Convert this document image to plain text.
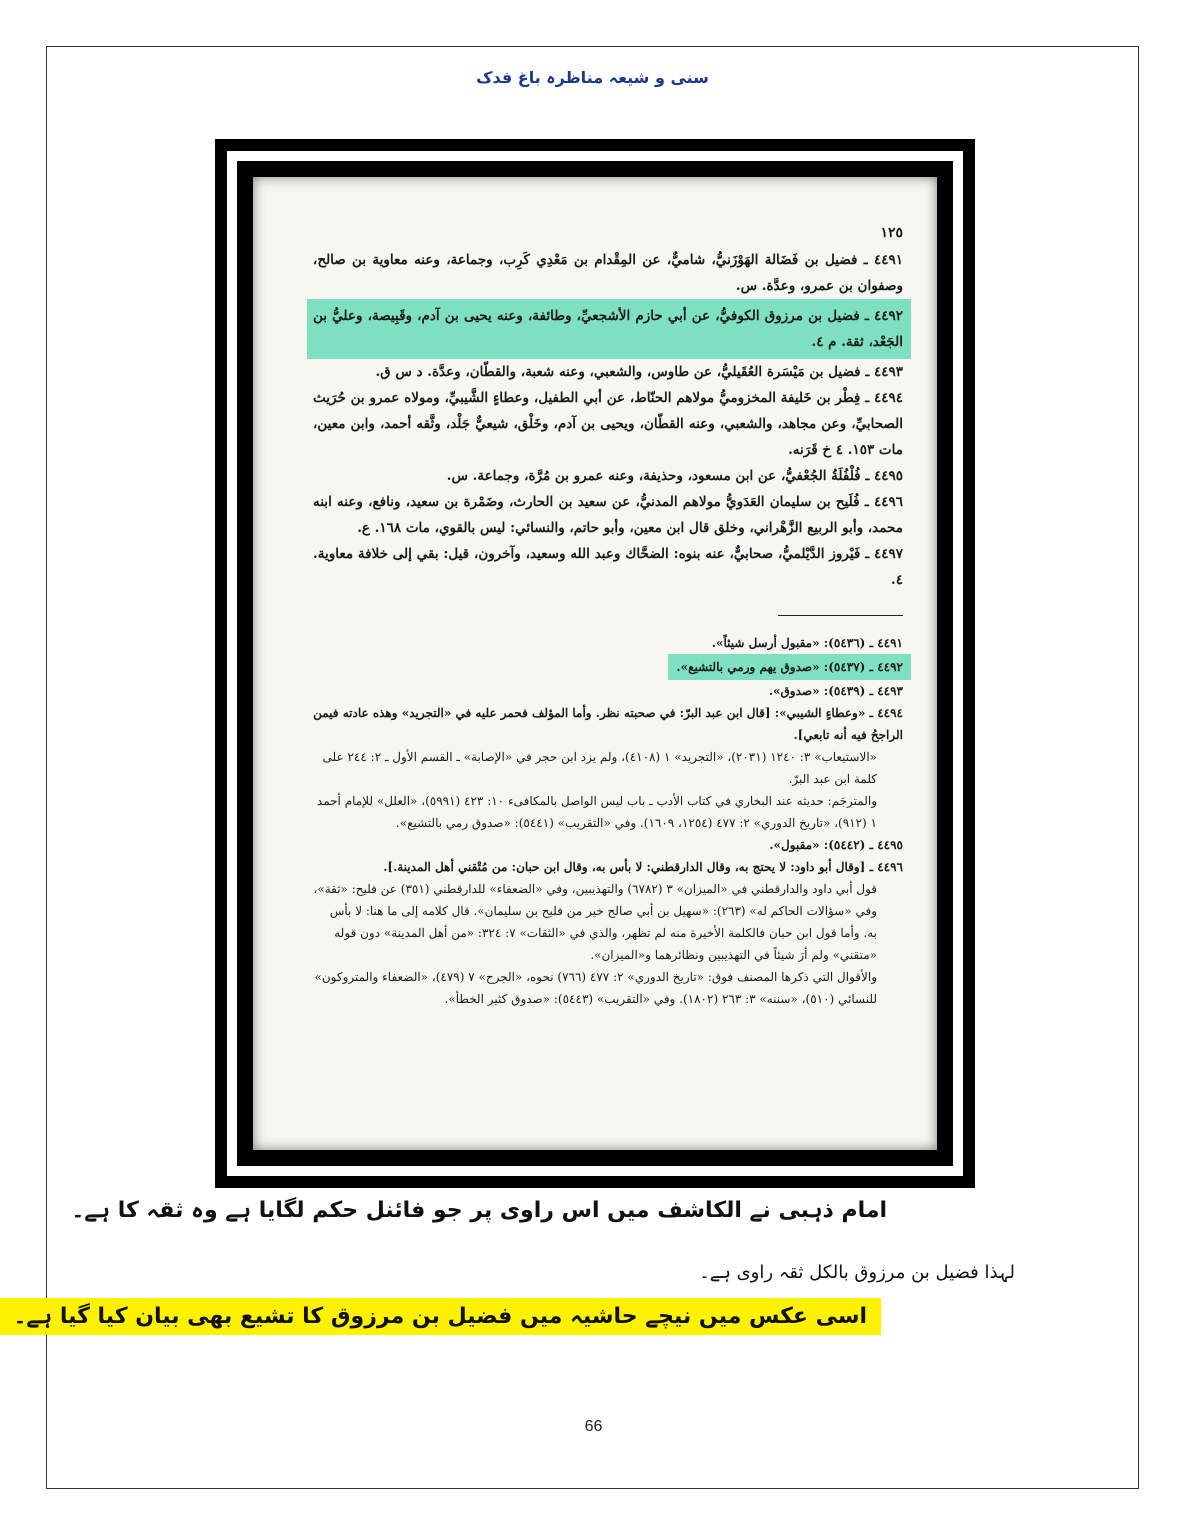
سنی و شیعہ مناظرہ باغ فدک
١٢٥

٤٤٩١ ـ فضيل بن فَضَالة الهَوْزَنيُّ، شاميٌّ، عن المِقْدام بن مَعْدِي كَرِب، وجماعة، وعنه معاوية بن صالح، وصفوان بن عمرو، وعدَّة. س.

٤٤٩٢ ـ فضيل بن مرزوق الكوفيُّ، عن أبي حازم الأشجعيِّ، وطائفة، وعنه يحيى بن آدم، وقَبِيصة، وعليُّ بن الجَعْد، ثقة. م ٤.

٤٤٩٣ ـ فضيل بن مَيْسَرة العُقَيليُّ، عن طاوس، والشعبي، وعنه شعبة، والقطّان، وعدَّة. د س ق.

٤٤٩٤ ـ فِطْر بن خَليفة المخزوميُّ مولاهم الحنّاط، عن أبي الطفيل، وعطاءٍ الشَّيبيِّ، ومولاه عمرو بن حُرَيث الصحابيِّ، وعن مجاهد، والشعبي، وعنه القطّان، ويحيى بن آدم، وخَلْق، شيعيٌّ جَلْد، وثَّقه أحمد، وابن معين، مات ١٥٣. ٤ خ قَرَنه.

٤٤٩٥ ـ فُلْفُلَةُ الجُعْفيُّ، عن ابن مسعود، وحذيفة، وعنه عمرو بن مُرَّة، وجماعة. س.

٤٤٩٦ ـ فُلَيح بن سليمان العَدَويُّ مولاهم المدنيُّ، عن سعيد بن الحارث، وضَمْرة بن سعيد، ونافع، وعنه ابنه محمد، وأبو الربيع الزَّهْراني، وخلق قال ابن معين، وأبو حاتم، والنسائي: ليس بالقوي، مات ١٦٨. ع.

٤٤٩٧ ـ فَيْروز الدَّيْلميُّ، صحابيٌّ، عنه بنوه: الضحَّاك وعبد الله وسعيد، وآخرون، قيل: بقي إلى خلافة معاوية. ٤.

٤٤٩١ ـ (٥٤٣٦): «مقبول أرسل شيئاً».

٤٤٩٢ ـ (٥٤٣٧): «صدوق يهم ورمي بالتشيع».

٤٤٩٣ ـ (٥٤٣٩): «صدوق».

٤٤٩٤ ـ «وعطاءٍ الشيبي»: [قال ابن عبد البرّ: في صحبته نظر. وأما المؤلف فحمر عليه في «التجريد» وهذه عادته فيمن الراجحُ فيه أنه تابعي].

«الاستيعاب» ٣: ١٢٤٠ (٢٠٣١)، «التجريد» ١ (٤١٠٨)، ولم يزد ابن حجر في «الإصابة» ـ القسم الأول ـ ٢: ٢٤٤ على كلمة ابن عبد البرّ.

والمترجَم: حديثه عند البخاري في كتاب الأدب ـ باب ليس الواصل بالمكافىء ١٠: ٤٢٣ (٥٩٩١)، «العلل» للإمام أحمد ١ (٩١٢)، «تاريخ الدوري» ٢: ٤٧٧ (١٢٥٤، ١٦٠٩). وفي «التقريب» (٥٤٤١): «صدوق رمي بالتشيع».

٤٤٩٥ ـ (٥٤٤٢): «مقبول».

٤٤٩٦ ـ [وقال أبو داود: لا يحتج به، وقال الدارقطني: لا بأس به، وقال ابن حبان: من مُتْقني أهل المدينة.].

قول أبي داود والدارقطني في «الميزان» ٣ (٦٧٨٢) والتهذيبين، وفي «الضعفاء» للدارقطني (٣٥١) عن فليح: «ثقة»، وفي «سؤالات الحاكم له» (٢٦٣): «سهيل بن أبي صالح خير من فليح بن سليمان». قال كلامه إلى ما هنا: لا بأس به. وأما قول ابن حبان فالكلمة الأخيرة منه لم تظهر، والذي في «الثقات» ٧: ٣٢٤: «من أهل المدينة» دون قوله «متقني» ولم أرَ شيئاً في التهذيبين ونظائرهما و«الميزان».

والأقوال التي ذكرها المصنف فوق: «تاريخ الدوري» ٢: ٤٧٧ (٧٦٦) نحوه، «الجرح» ٧ (٤٧٩)، «الضعفاء والمتروكون» للنسائي (٥١٠)، «سننه» ٣: ٢٦٣ (١٨٠٢). وفي «التقريب» (٥٤٤٣): «صدوق كثير الخطأ».

امام ذہبی نے الکاشف میں اس راوی پر جو فائنل حکم لگایا ہے وہ ثقہ کا ہے۔
لہذا فضیل بن مرزوق بالکل ثقہ راوی ہے۔
اسی عکس میں نیچے حاشیہ میں فضیل بن مرزوق کا تشیع بھی بیان کیا گیا ہے۔
66
